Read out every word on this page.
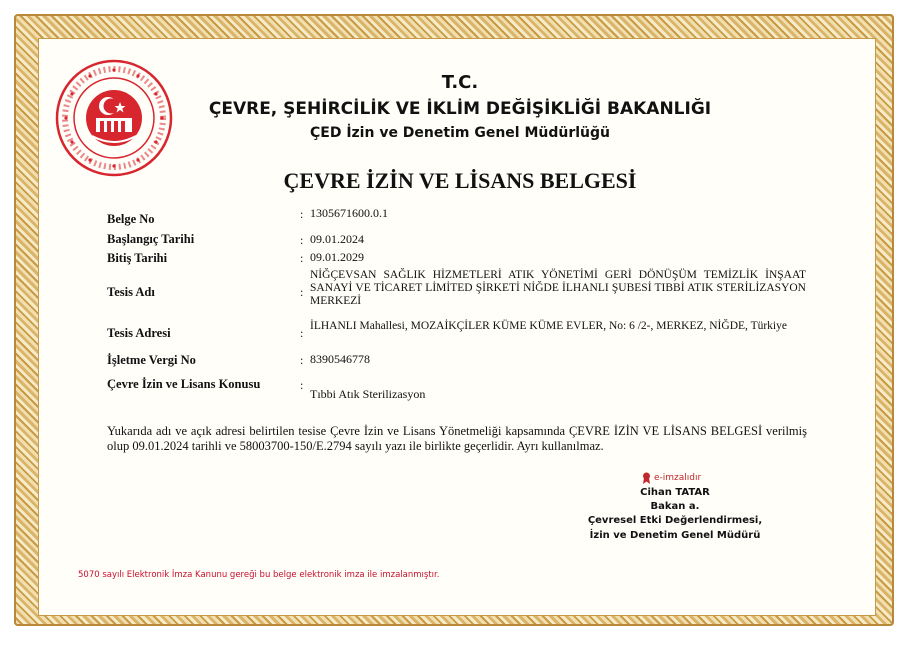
T.C.
ÇEVRE, ŞEHİRCİLİK VE İKLİM DEĞİŞİKLİĞİ BAKANLIĞI
ÇED İzin ve Denetim Genel Müdürlüğü
ÇEVRE İZİN VE LİSANS BELGESİ
Belge No	: 1305671600.0.1
Başlangıç Tarihi	: 09.01.2024
Bitiş Tarihi	: 09.01.2029
Tesis Adı	:
NİĞÇEVSAN SAĞLIK HİZMETLERİ ATIK YÖNETİMİ GERİ DÖNÜŞÜM TEMİZLİK İNŞAAT SANAYİ VE TİCARET LİMİTED ŞİRKETİ NİĞDE İLHANLI ŞUBESİ TIBBİ ATIK STERİLİZASYON MERKEZİ
Tesis Adresi	: İLHANLI Mahallesi, MOZAİKÇİLER KÜME KÜME EVLER, No: 6 /2-, MERKEZ, NİĞDE, Türkiye
İşletme Vergi No	: 8390546778
Çevre İzin ve Lisans Konusu	:
Tıbbi Atık Sterilizasyon
Yukarıda adı ve açık adresi belirtilen tesise Çevre İzin ve Lisans Yönetmeliği kapsamında ÇEVRE İZİN VE LİSANS BELGESİ verilmiş olup 09.01.2024 tarihli ve 58003700-150/E.2794 sayılı yazı ile birlikte geçerlidir. Ayrı kullanılmaz.
e-imzalıdır
Cihan TATAR
Bakan a.
Çevresel Etki Değerlendirmesi,
İzin ve Denetim Genel Müdürü
5070 sayılı Elektronik İmza Kanunu gereği bu belge elektronik imza ile imzalanmıştır.
